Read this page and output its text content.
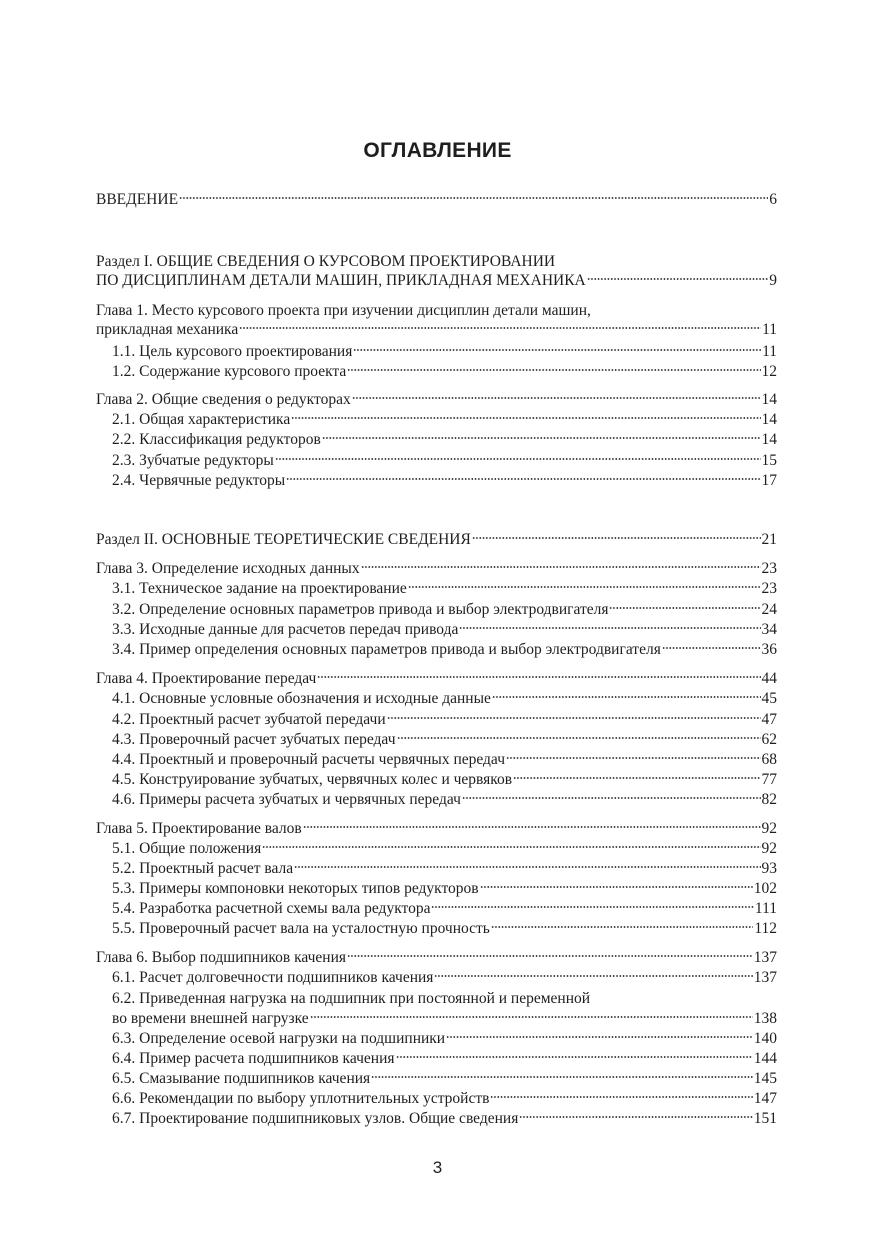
ОГЛАВЛЕНИЕ
ВВЕДЕНИЕ	6
Раздел I. ОБЩИЕ СВЕДЕНИЯ О КУРСОВОМ ПРОЕКТИРОВАНИИ
ПО ДИСЦИПЛИНАМ ДЕТАЛИ МАШИН, ПРИКЛАДНАЯ МЕХАНИКА	9
Глава 1. Место курсового проекта при изучении дисциплин детали машин,
прикладная механика	11
1.1. Цель курсового проектирования	11
1.2. Содержание курсового проекта	12
Глава 2. Общие сведения о редукторах	14
2.1. Общая характеристика	14
2.2. Классификация редукторов	14
2.3. Зубчатые редукторы	15
2.4. Червячные редукторы	17
Раздел II. ОСНОВНЫЕ ТЕОРЕТИЧЕСКИЕ СВЕДЕНИЯ	21
Глава 3. Определение исходных данных	23
3.1. Техническое задание на проектирование	23
3.2. Определение основных параметров привода и выбор электродвигателя	24
3.3. Исходные данные для расчетов передач привода	34
3.4. Пример определения основных параметров привода и выбор электродвигателя	36
Глава 4. Проектирование передач	44
4.1. Основные условные обозначения и исходные данные	45
4.2. Проектный расчет зубчатой передачи	47
4.3. Проверочный расчет зубчатых передач	62
4.4. Проектный и проверочный расчеты червячных передач	68
4.5. Конструирование зубчатых, червячных колес и червяков	77
4.6. Примеры расчета зубчатых и червячных передач	82
Глава 5. Проектирование валов	92
5.1. Общие положения	92
5.2. Проектный расчет вала	93
5.3. Примеры компоновки некоторых типов редукторов	102
5.4. Разработка расчетной схемы вала редуктора	111
5.5. Проверочный расчет вала на усталостную прочность	112
Глава 6. Выбор подшипников качения	137
6.1. Расчет долговечности подшипников качения	137
6.2. Приведенная нагрузка на подшипник при постоянной и переменной
во времени внешней нагрузке	138
6.3. Определение осевой нагрузки на подшипники	140
6.4. Пример расчета подшипников качения	144
6.5. Смазывание подшипников качения	145
6.6. Рекомендации по выбору уплотнительных устройств	147
6.7. Проектирование подшипниковых узлов. Общие сведения	151
3
